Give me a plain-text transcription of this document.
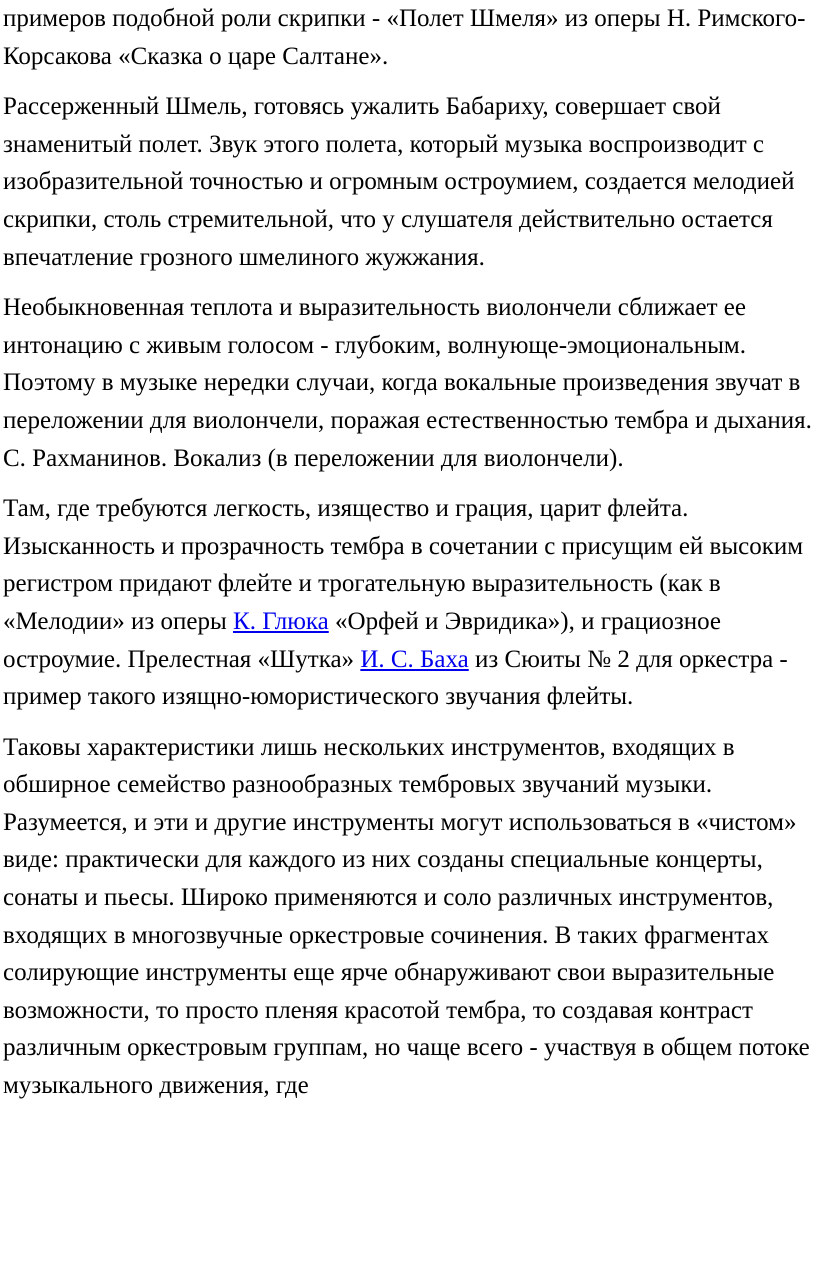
примеров подобной роли скрипки - «Полет Шмеля» из оперы Н. Римского-Корсакова «Сказка о царе Салтане».

Рассерженный Шмель, готовясь ужалить Бабариху, совершает свой знаменитый полет. Звук этого полета, который музыка воспроизводит с изобразительной точностью и огромным остроумием, создается мелодией скрипки, столь стремительной, что у слушателя действительно остается впечатление грозного шмелиного жужжания.

Необыкновенная теплота и выразительность виолончели сближает ее интонацию с живым голосом - глубоким, волнующе-эмоциональным. Поэтому в музыке нередки случаи, когда вокальные произведения звучат в переложении для виолончели, поражая естественностью тембра и дыхания. С. Рахманинов. Вокализ (в переложении для виолончели).

Там, где требуются легкость, изящество и грация, царит флейта. Изысканность и прозрачность тембра в сочетании с присущим ей высоким регистром придают флейте и трогательную выразительность (как в «Мелодии» из оперы К. Глюка «Орфей и Эвридика»), и грациозное остроумие. Прелестная «Шутка» И. С. Баха из Сюиты № 2 для оркестра - пример такого изящно-юмористического звучания флейты.

Таковы характеристики лишь нескольких инструментов, входящих в обширное семейство разнообразных тембровых звучаний музыки. Разумеется, и эти и другие инструменты могут использоваться в «чистом» виде: практически для каждого из них созданы специальные концерты, сонаты и пьесы. Широко применяются и соло различных инструментов, входящих в многозвучные оркестровые сочинения. В таких фрагментах солирующие инструменты еще ярче обнаруживают свои выразительные возможности, то просто пленяя красотой тембра, то создавая контраст различным оркестровым группам, но чаще всего - участвуя в общем потоке музыкального движения, где
